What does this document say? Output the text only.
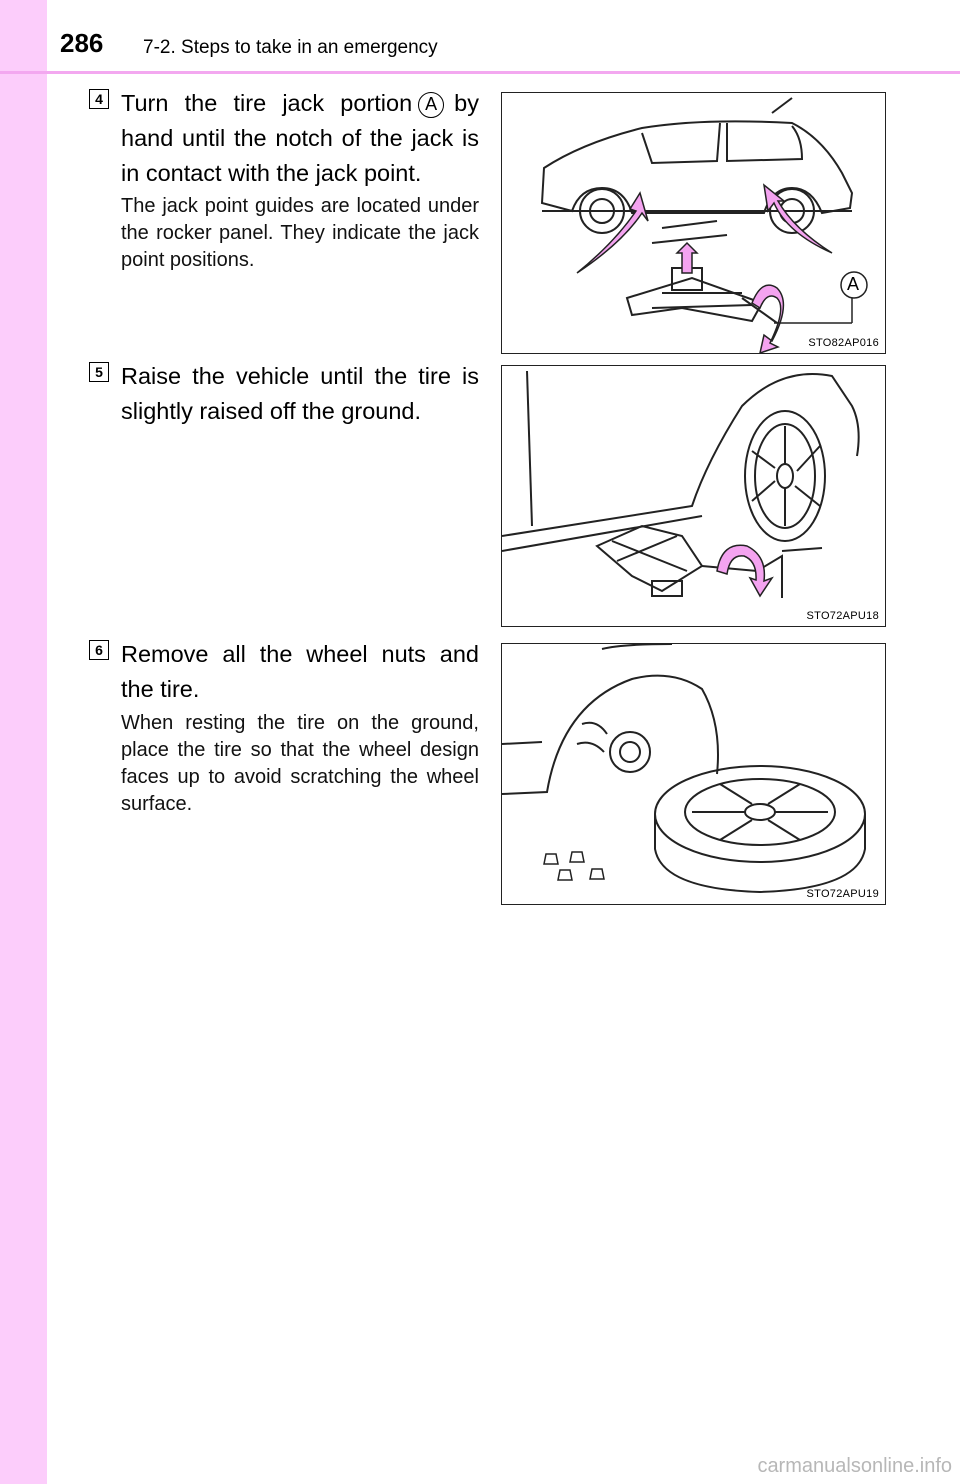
286 7-2. Steps to take in an emergency
4 Turn the tire jack portion A by hand until the notch of the jack is in contact with the jack point.
The jack point guides are located under the rocker panel. They indicate the jack point positions.
A
STO82AP016
5 Raise the vehicle until the tire is slightly raised off the ground.
STO72APU18
6 Remove all the wheel nuts and the tire.
When resting the tire on the ground, place the tire so that the wheel design faces up to avoid scratching the wheel surface.
STO72APU19
carmanualsonline.info
